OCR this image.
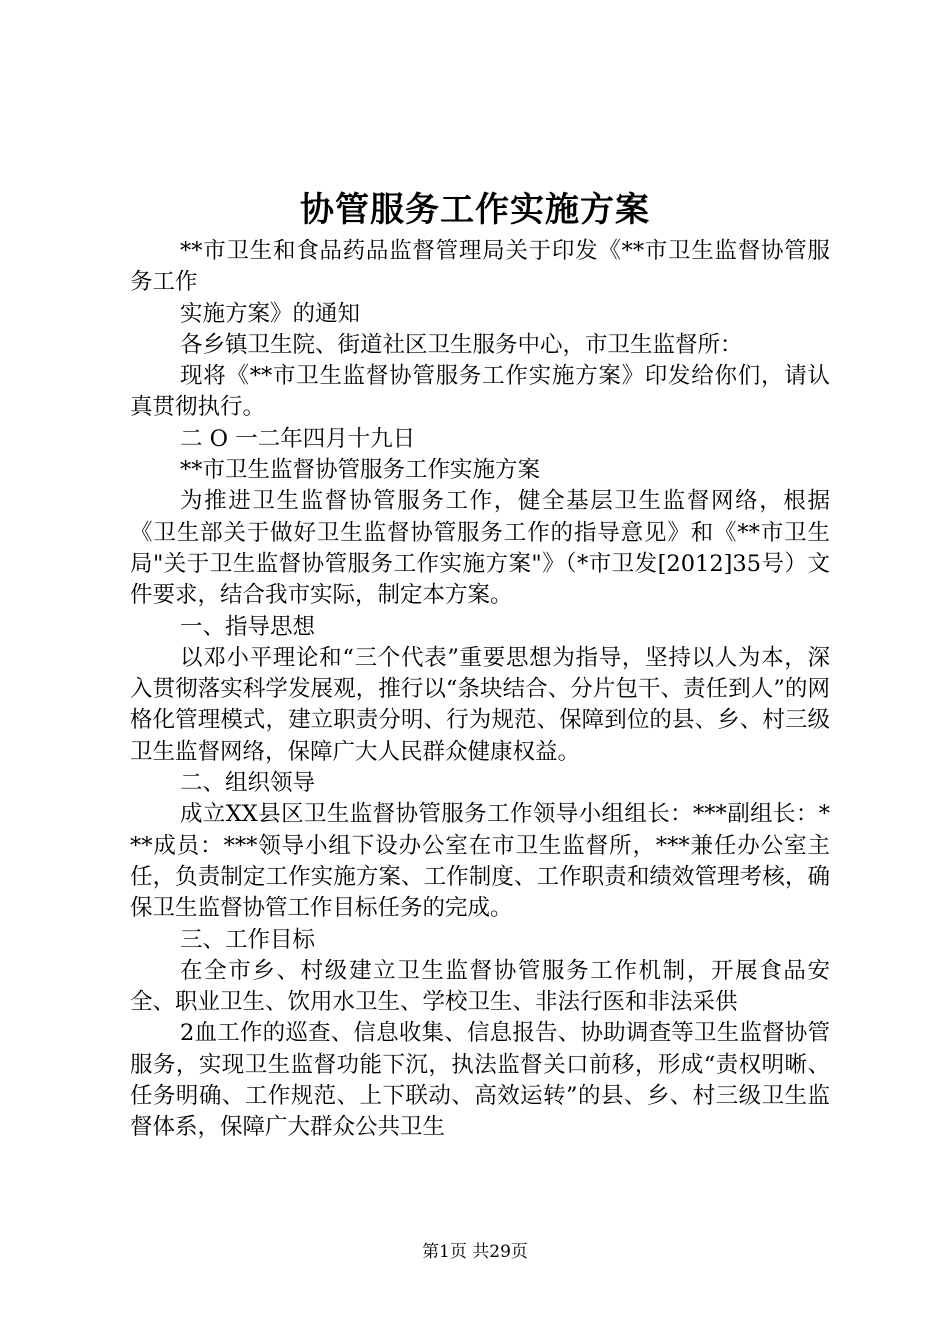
协管服务工作实施方案

**市卫生和食品药品监督管理局关于印发《**市卫生监督协管服务工作

实施方案》的通知

各乡镇卫生院、街道社区卫生服务中心，市卫生监督所：

现将《**市卫生监督协管服务工作实施方案》印发给你们，请认真贯彻执行。

二 O 一二年四月十九日

**市卫生监督协管服务工作实施方案

为推进卫生监督协管服务工作，健全基层卫生监督网络，根据《卫生部关于做好卫生监督协管服务工作的指导意见》和《**市卫生局"关于卫生监督协管服务工作实施方案"》（*市卫发[2012]35号）文件要求，结合我市实际，制定本方案。

一、指导思想

以邓小平理论和“三个代表”重要思想为指导，坚持以人为本，深入贯彻落实科学发展观，推行以“条块结合、分片包干、责任到人”的网格化管理模式，建立职责分明、行为规范、保障到位的县、乡、村三级卫生监督网络，保障广大人民群众健康权益。

二、组织领导

成立XX县区卫生监督协管服务工作领导小组组长：***副组长：***成员：***领导小组下设办公室在市卫生监督所，***兼任办公室主任，负责制定工作实施方案、工作制度、工作职责和绩效管理考核，确保卫生监督协管工作目标任务的完成。

三、工作目标

在全市乡、村级建立卫生监督协管服务工作机制，开展食品安全、职业卫生、饮用水卫生、学校卫生、非法行医和非法采供

2血工作的巡查、信息收集、信息报告、协助调查等卫生监督协管服务，实现卫生监督功能下沉，执法监督关口前移，形成“责权明晰、任务明确、工作规范、上下联动、高效运转”的县、乡、村三级卫生监督体系，保障广大群众公共卫生

第1页 共29页
